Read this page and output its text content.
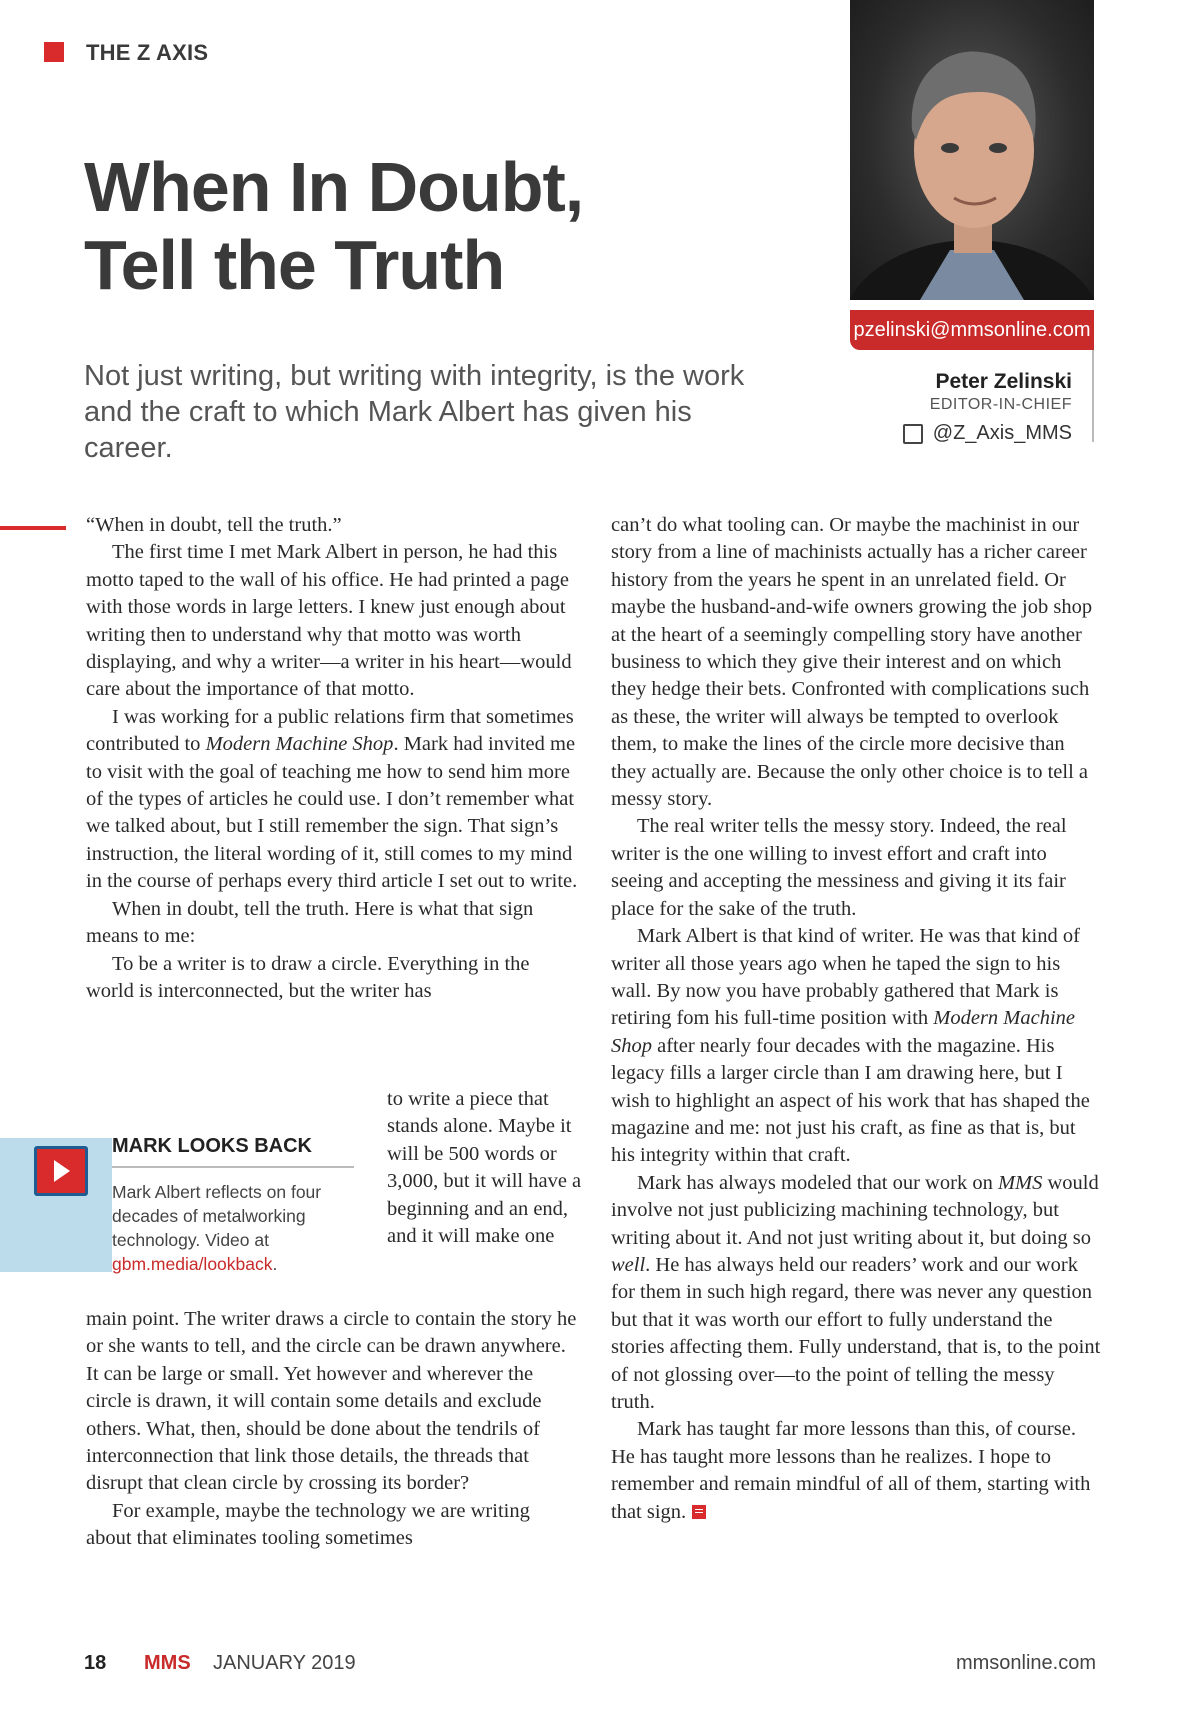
THE Z AXIS
When In Doubt,
Tell the Truth

Not just writing, but writing with integrity, is the work
and the craft to which Mark Albert has given his career.

pzelinski@mmsonline.com
Peter Zelinski
EDITOR-IN-CHIEF
@Z_Axis_MMS

“When in doubt, tell the truth.”

The first time I met Mark Albert in person, he had this motto taped to the wall of his office. He had printed a page with those words in large letters. I knew just enough about writing then to understand why that motto was worth displaying, and why a writer—a writer in his heart—would care about the importance of that motto.

I was working for a public relations firm that sometimes contributed to Modern Machine Shop. Mark had invited me to visit with the goal of teaching me how to send him more of the types of articles he could use. I don’t remember what we talked about, but I still remember the sign. That sign’s instruction, the literal wording of it, still comes to my mind in the course of perhaps every third article I set out to write.

When in doubt, tell the truth. Here is what that sign means to me:

To be a writer is to draw a circle. Everything in the world is interconnected, but the writer has

to write a piece that stands alone. Maybe it will be 500 words or 3,000, but it will have a beginning and an end, and it will make one

main point. The writer draws a circle to contain the story he or she wants to tell, and the circle can be drawn anywhere. It can be large or small. Yet however and wherever the circle is drawn, it will contain some details and exclude others. What, then, should be done about the tendrils of interconnection that link those details, the threads that disrupt that clean circle by crossing its border?

For example, maybe the technology we are writing about that eliminates tooling sometimes

MARK LOOKS BACK
Mark Albert reflects on four decades of metalworking technology. Video at gbm.media/lookback.

can’t do what tooling can. Or maybe the machinist in our story from a line of machinists actually has a richer career history from the years he spent in an unrelated field. Or maybe the husband-and-wife owners growing the job shop at the heart of a seemingly compelling story have another business to which they give their interest and on which they hedge their bets. Confronted with complications such as these, the writer will always be tempted to overlook them, to make the lines of the circle more decisive than they actually are. Because the only other choice is to tell a messy story.

The real writer tells the messy story. Indeed, the real writer is the one willing to invest effort and craft into seeing and accepting the messiness and giving it its fair place for the sake of the truth.

Mark Albert is that kind of writer. He was that kind of writer all those years ago when he taped the sign to his wall. By now you have probably gathered that Mark is retiring fom his full-time position with Modern Machine Shop after nearly four decades with the magazine. His legacy fills a larger circle than I am drawing here, but I wish to highlight an aspect of his work that has shaped the magazine and me: not just his craft, as fine as that is, but his integrity within that craft.

Mark has always modeled that our work on MMS would involve not just publicizing machining technology, but writing about it. And not just writing about it, but doing so well. He has always held our readers’ work and our work for them in such high regard, there was never any question but that it was worth our effort to fully understand the stories affecting them. Fully understand, that is, to the point of not glossing over—to the point of telling the messy truth.

Mark has taught far more lessons than this, of course. He has taught more lessons than he realizes. I hope to remember and remain mindful of all of them, starting with that sign.

18 MMS JANUARY 2019	mmsonline.com
